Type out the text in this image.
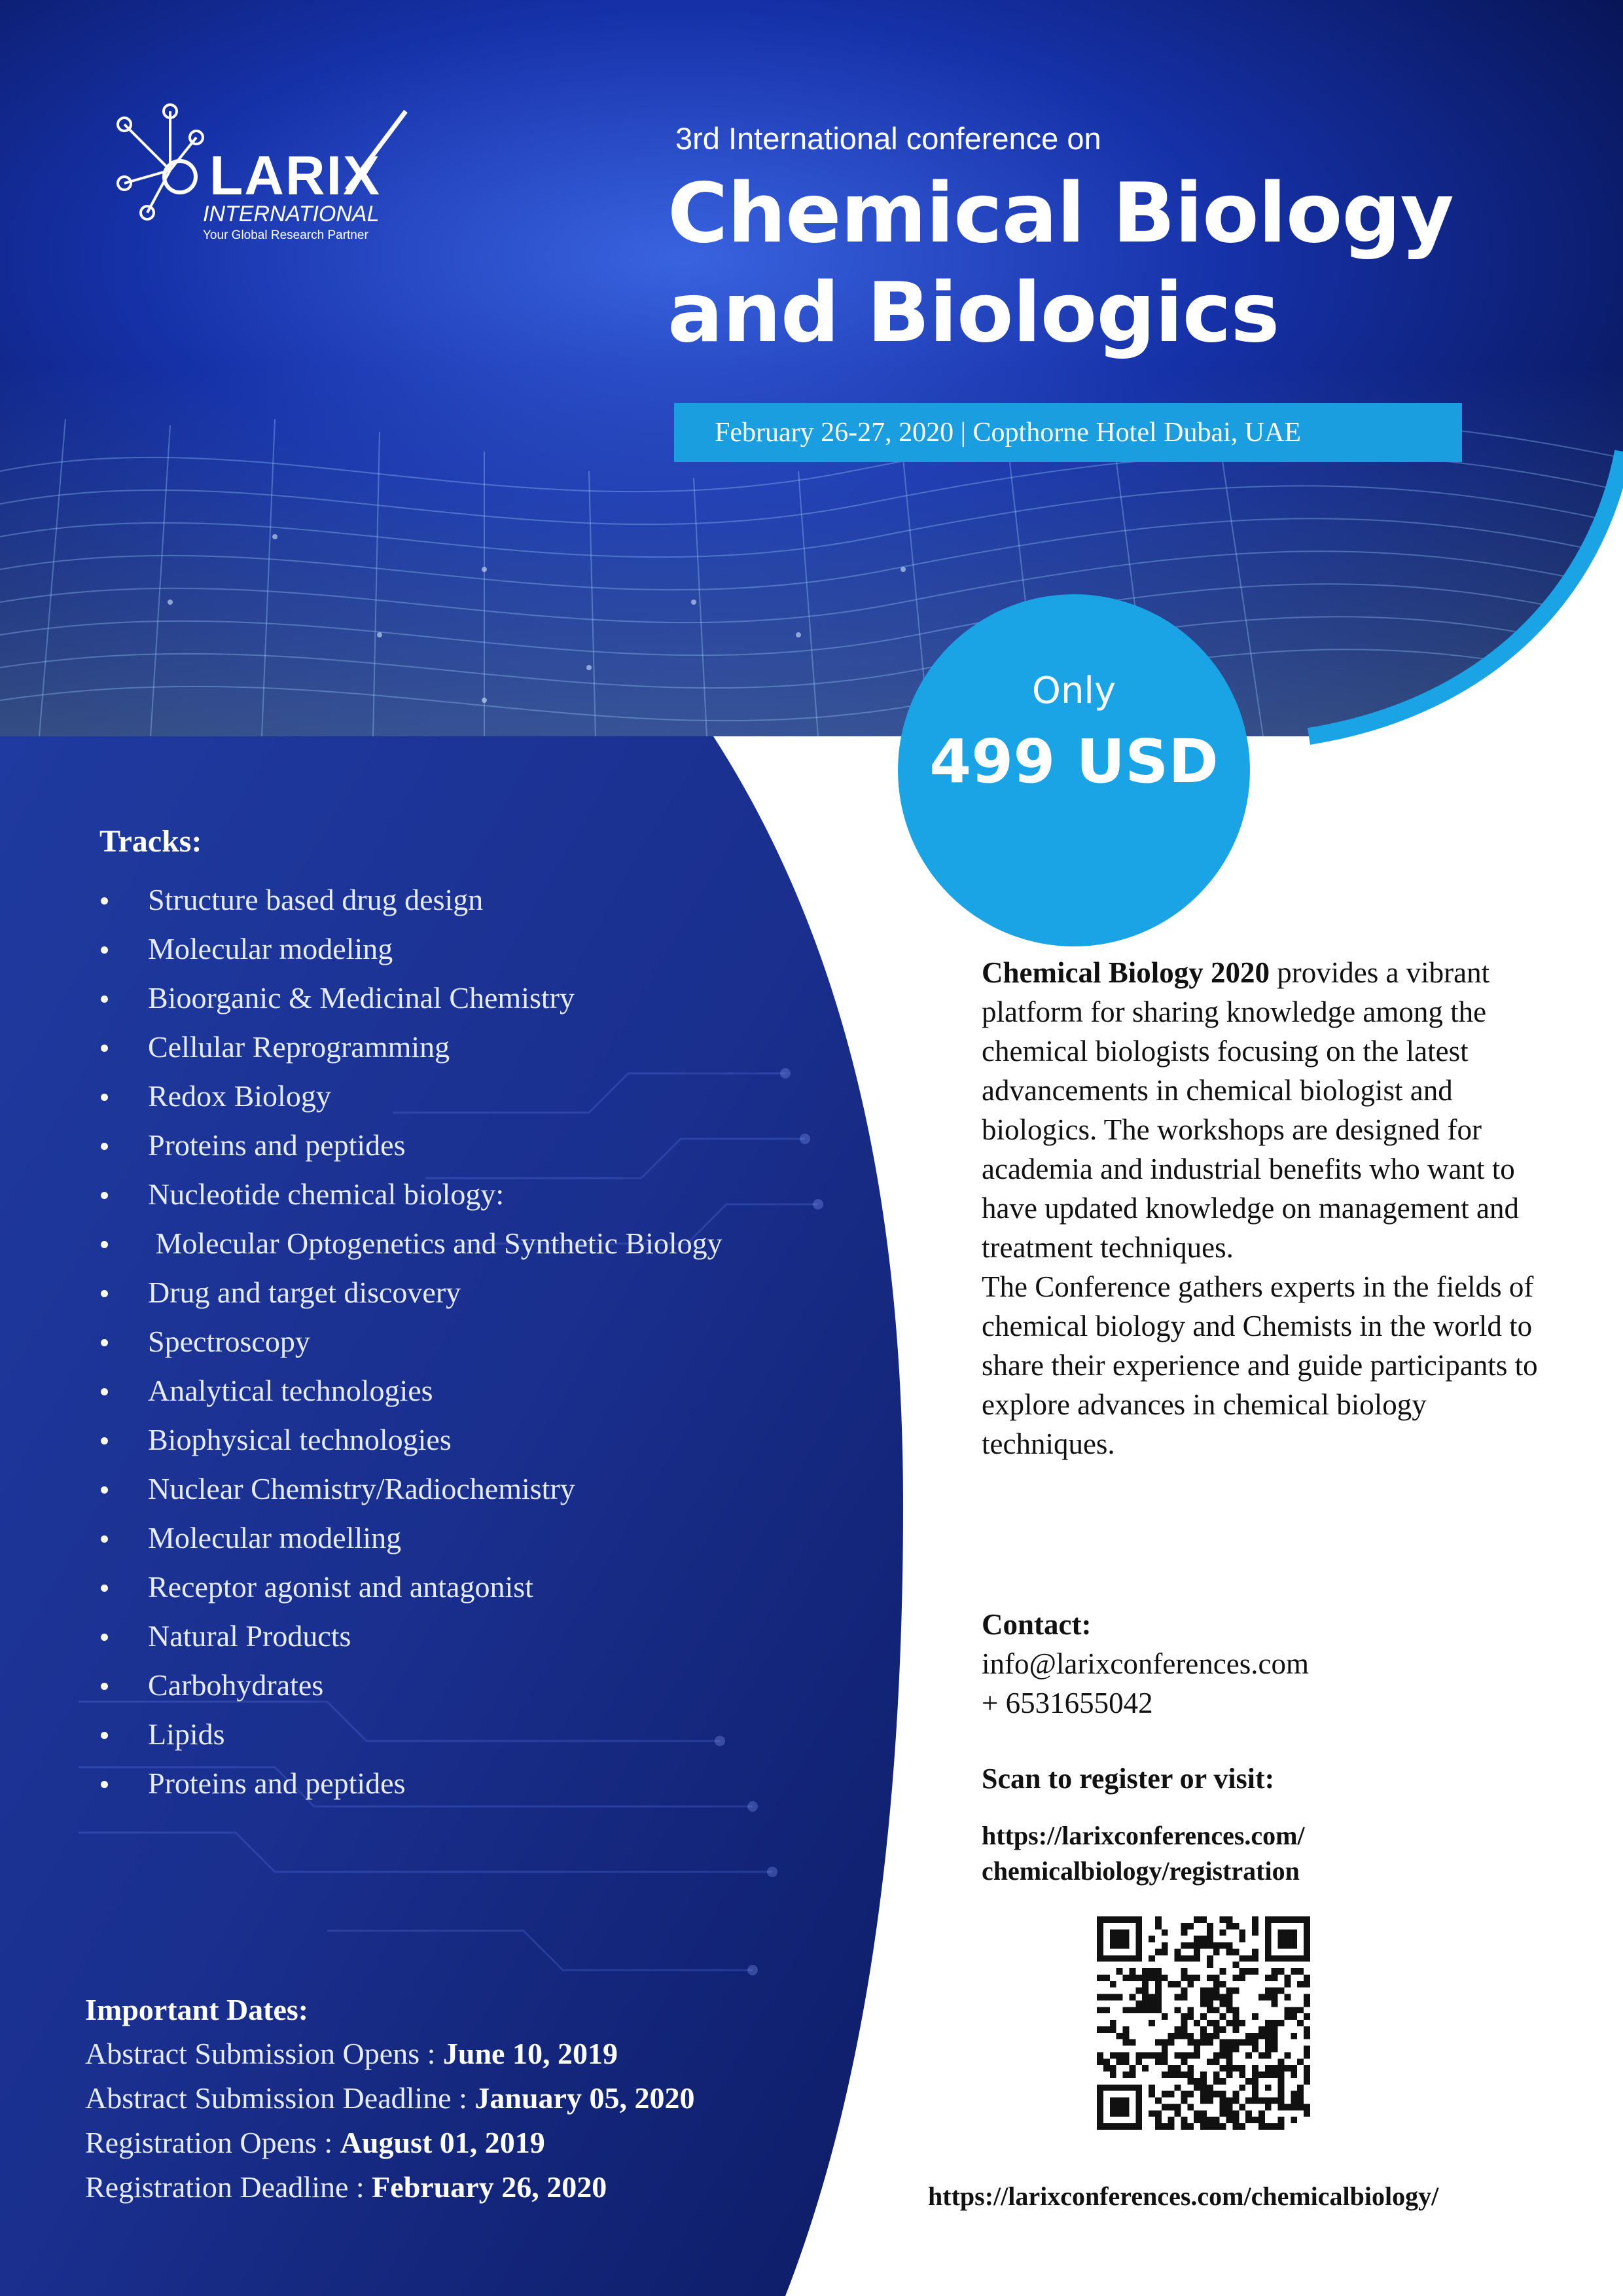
LARIX
INTERNATIONAL
Your Global Research Partner
3rd International conference on
Chemical Biology
and Biologics
February 26-27, 2020 | Copthorne Hotel Dubai, UAE
Only
499 USD
Tracks:
Structure based drug design
Molecular modeling
Bioorganic & Medicinal Chemistry
Cellular Reprogramming
Redox Biology
Proteins and peptides
Nucleotide chemical biology:
Molecular Optogenetics and Synthetic Biology
Drug and target discovery
Spectroscopy
Analytical technologies
Biophysical technologies
Nuclear Chemistry/Radiochemistry
Molecular modelling
Receptor agonist and antagonist
Natural Products
Carbohydrates
Lipids
Proteins and peptides
Important Dates:
Abstract Submission Opens : June 10, 2019
Abstract Submission Deadline : January 05, 2020
Registration Opens : August 01, 2019
Registration Deadline : February 26, 2020

Chemical Biology 2020 provides a vibrant platform for sharing knowledge among the chemical biologists focusing on the latest advancements in chemical biologist and biologics. The workshops are designed for academia and industrial benefits who want to have updated knowledge on management and treatment techniques.
The Conference gathers experts in the fields of chemical biology and Chemists in the world to share their experience and guide participants to explore advances in chemical biology techniques.

Contact:
info@larixconferences.com
+ 6531655042
Scan to register or visit:
https://larixconferences.com/
chemicalbiology/registration
https://larixconferences.com/chemicalbiology/
